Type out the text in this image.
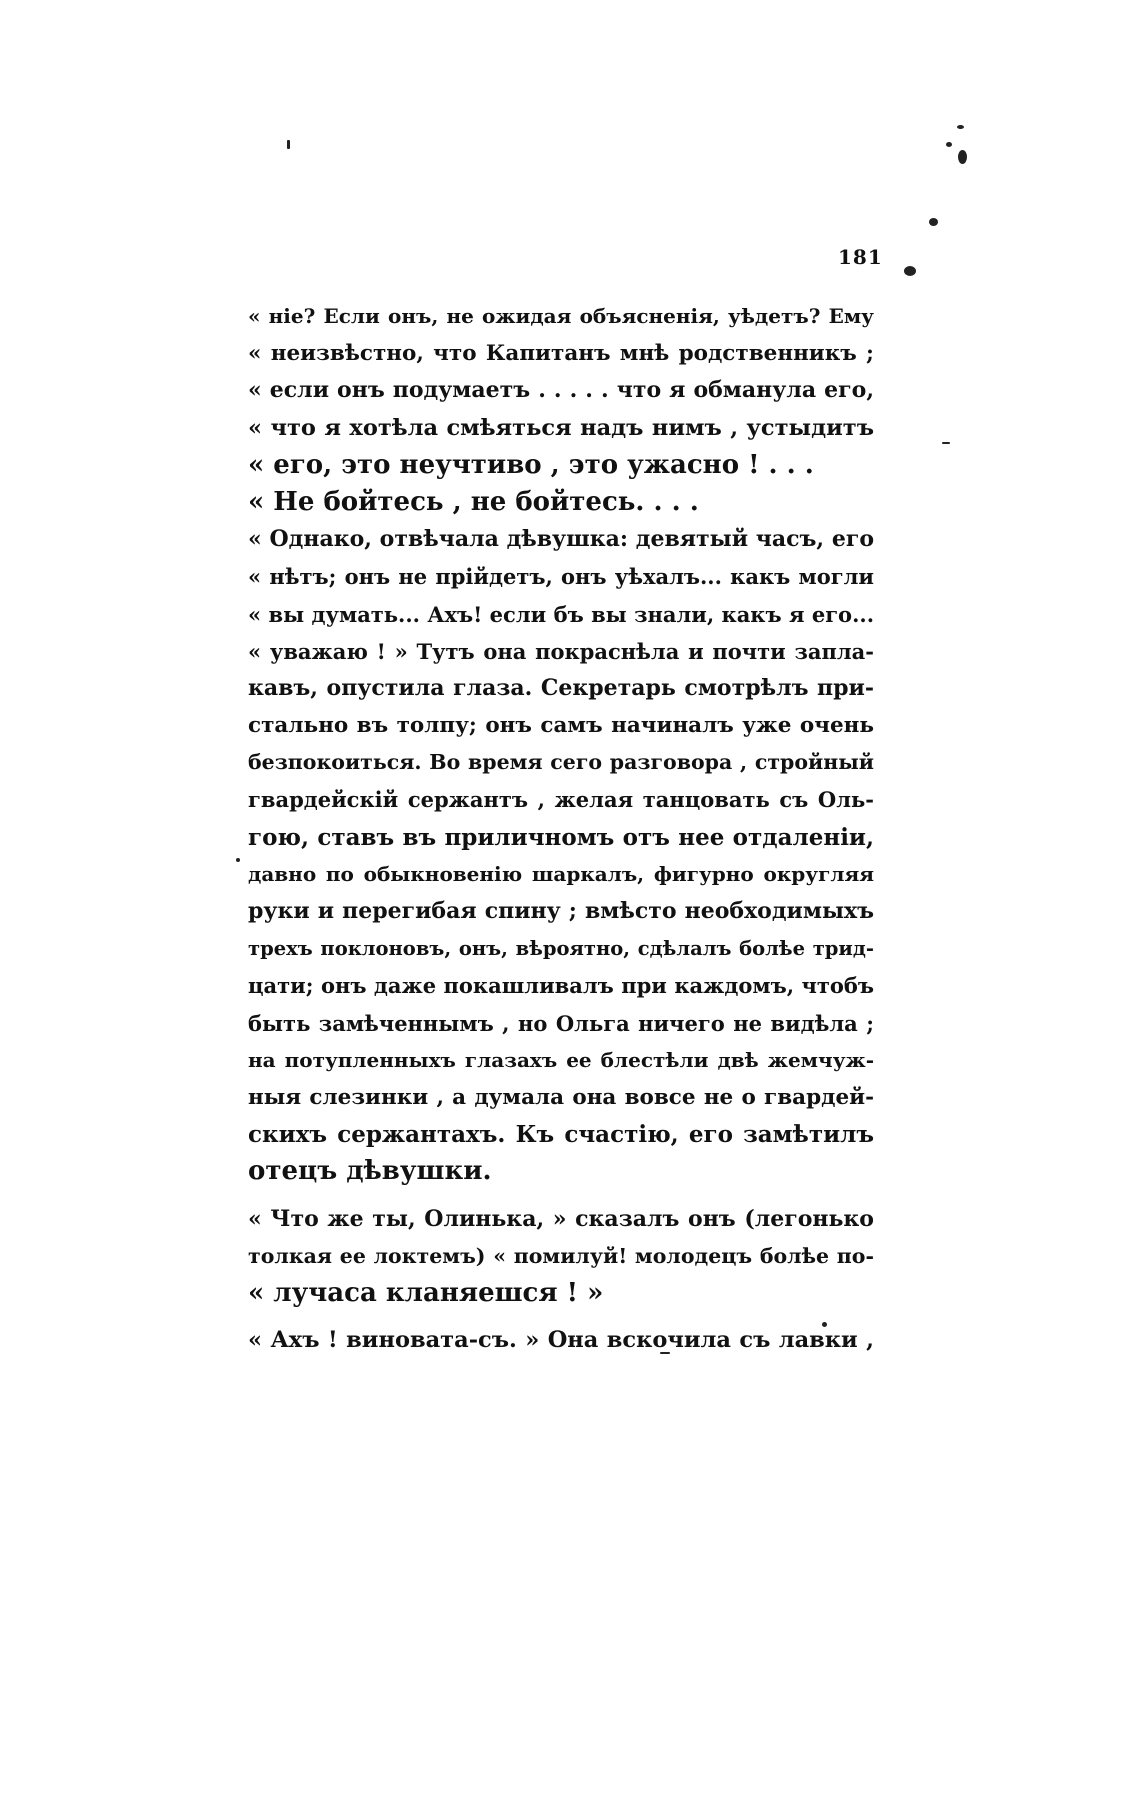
181
« ніе? Если онъ, не ожидая объясненія, уѣдетъ? Ему
« неизвѣстно, что Капитанъ мнѣ родственникъ ;
« если онъ подумаетъ . . . . . что я обманула его,
« что я хотѣла смѣяться надъ нимъ , устыдитъ
« его, это неучтиво , это ужасно ! . . .
« Не бойтесь , не бойтесь. . . .
« Однако, отвѣчала дѣвушка: девятый часъ, его
« нѣтъ; онъ не прійдетъ, онъ уѣхалъ... какъ могли
« вы думать... Ахъ! если бъ вы знали, какъ я его...
« уважаю ! » Тутъ она покраснѣла и почти запла-
кавъ, опустила глаза. Секретарь смотрѣлъ при-
стально въ толпу; онъ самъ начиналъ уже очень
безпокоиться. Во время сего разговора , стройный
гвардейскій сержантъ , желая танцовать съ Оль-
гою, ставъ въ приличномъ отъ нее отдаленіи,
давно по обыкновенію шаркалъ, фигурно округляя
руки и перегибая спину ; вмѣсто необходимыхъ
трехъ поклоновъ, онъ, вѣроятно, сдѣлалъ болѣе трид-
цати; онъ даже покашливалъ при каждомъ, чтобъ
быть замѣченнымъ , но Ольга ничего не видѣла ;
на потупленныхъ глазахъ ее блестѣли двѣ жемчуж-
ныя слезинки , а думала она вовсе не о гвардей-
скихъ сержантахъ. Къ счастію, его замѣтилъ
отецъ дѣвушки.
« Что же ты, Олинька, » сказалъ онъ (легонько
толкая ее локтемъ) « помилуй! молодецъ болѣе по-
« лучаса кланяешся ! »
« Ахъ ! виновата-съ. » Она вскочила съ лавки ,
